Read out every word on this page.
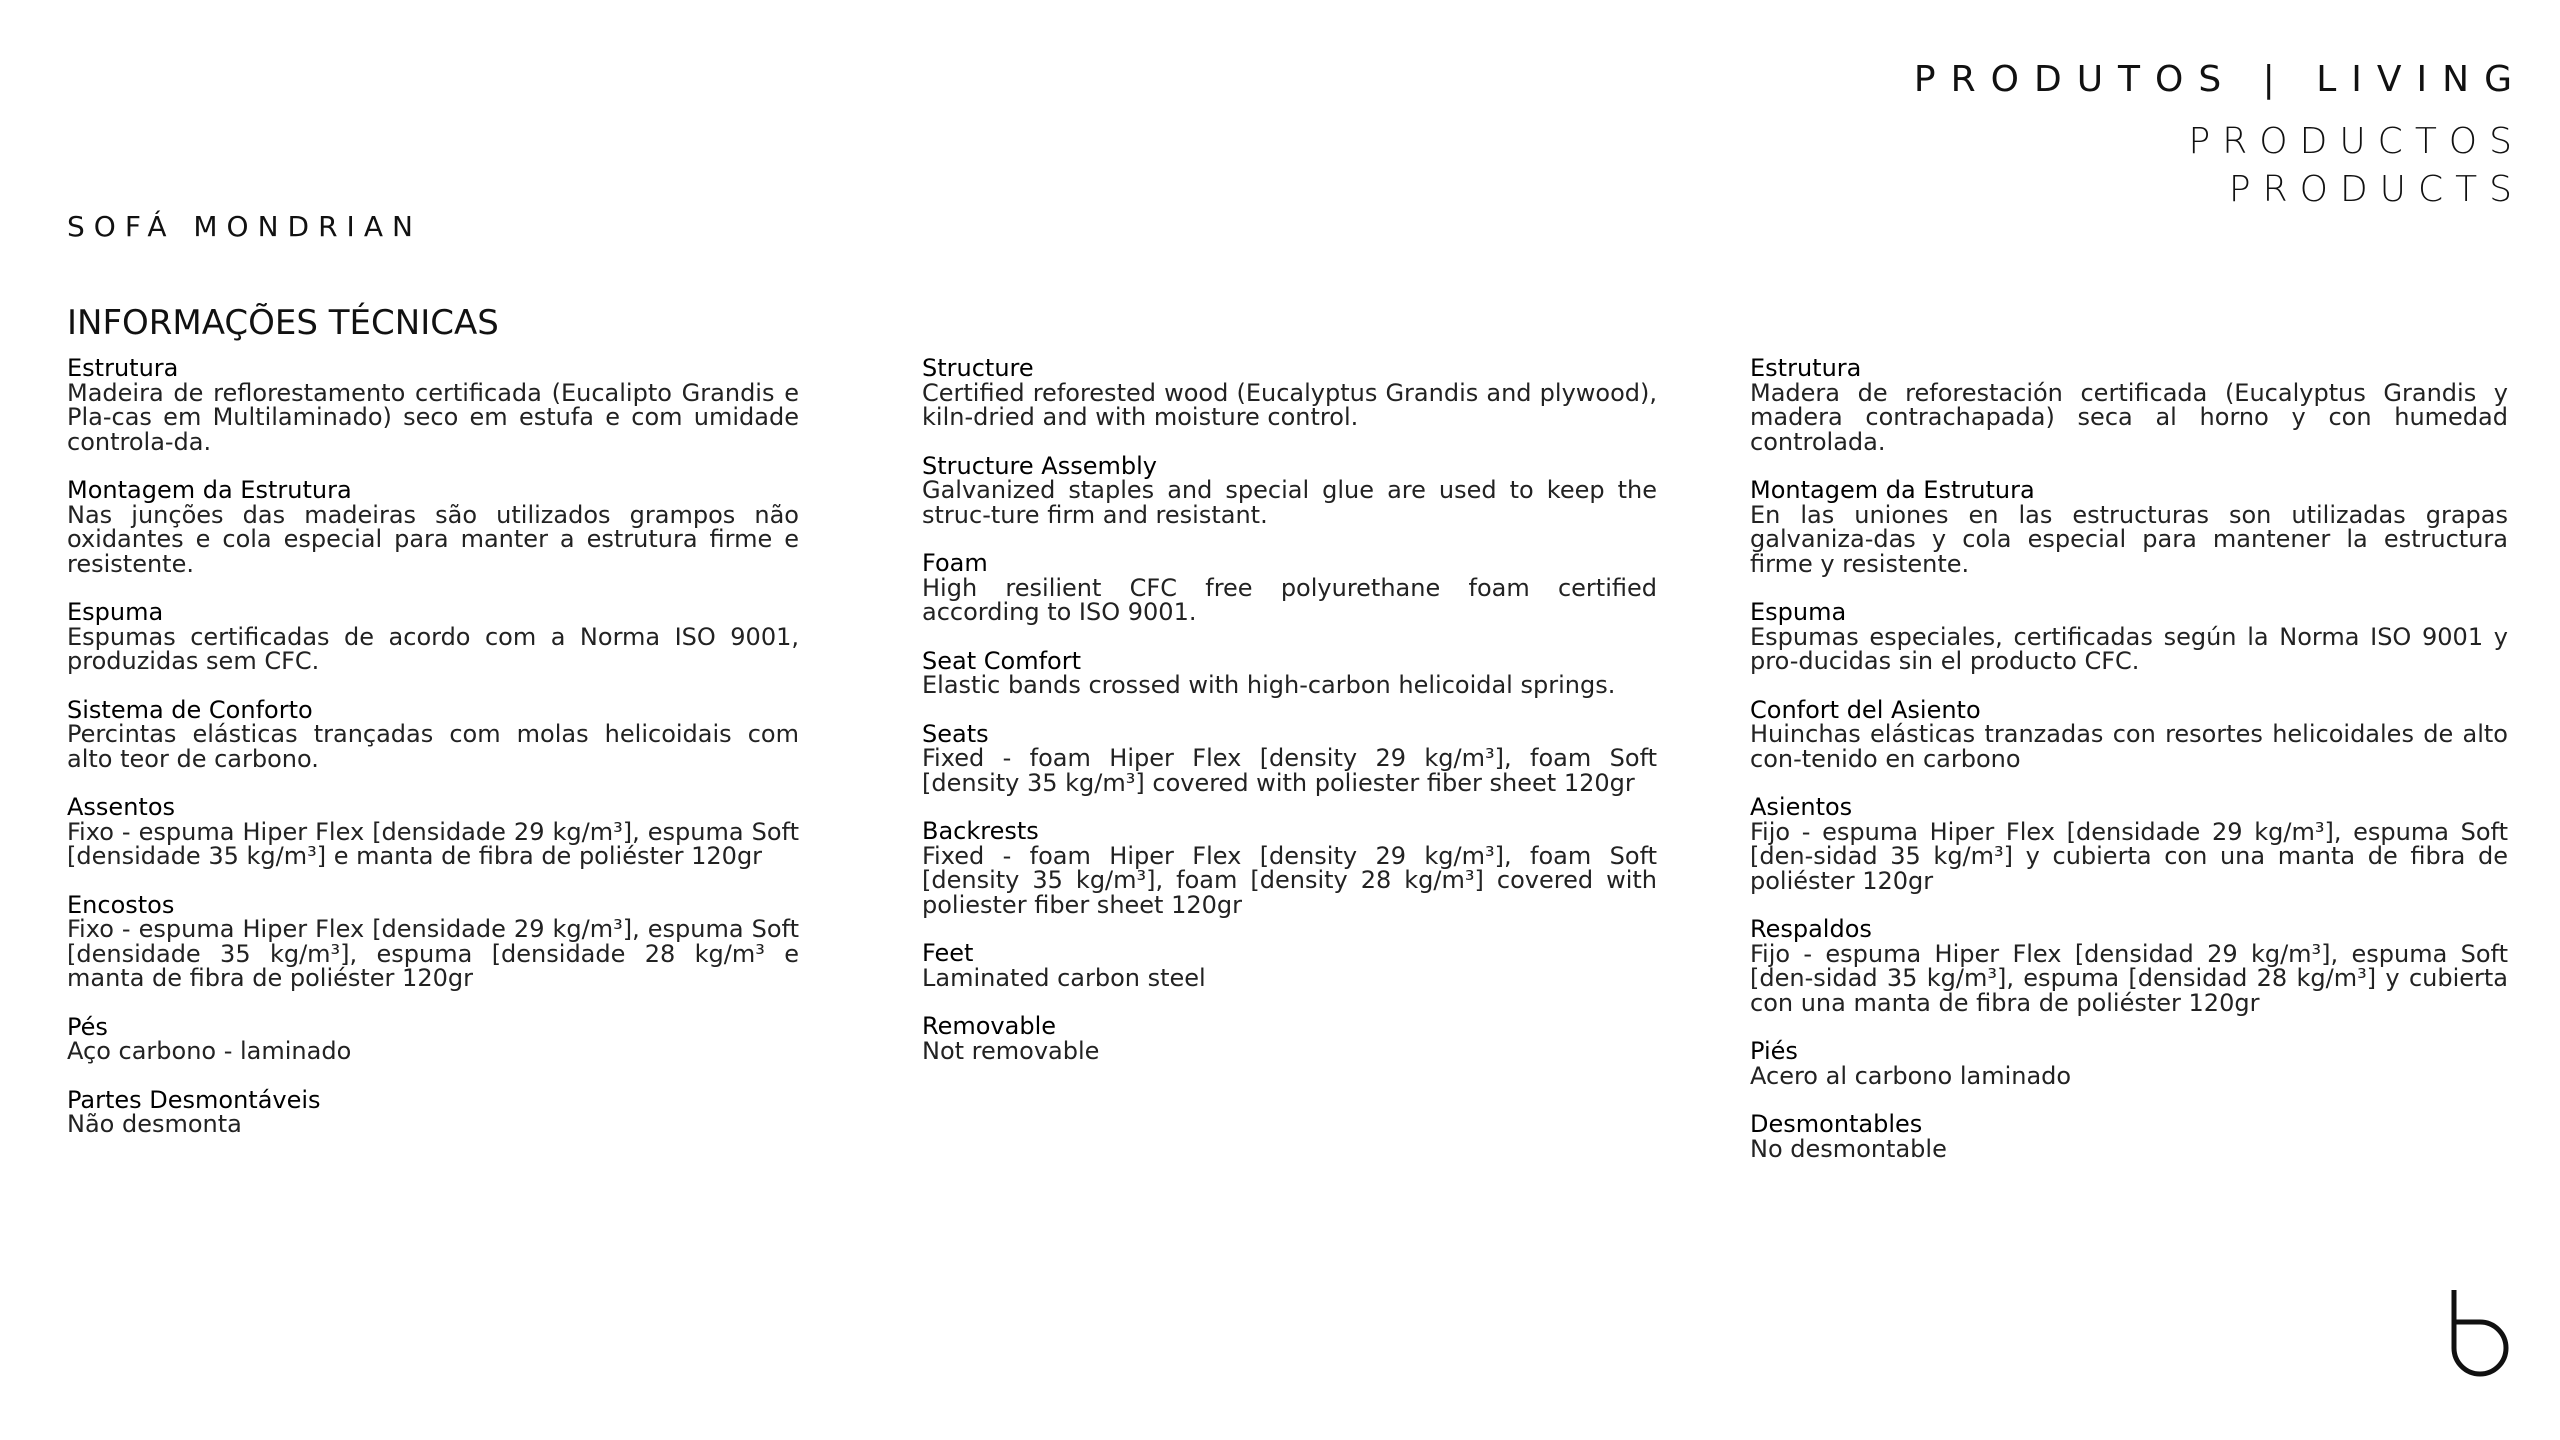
PRODUTOS | LIVING
PRODUCTOS
PRODUCTS
SOFÁ MONDRIAN
INFORMAÇÕES TÉCNICAS
Estrutura
Madeira de reflorestamento certificada (Eucalipto Grandis e Pla-cas em Multilaminado) seco em estufa e com umidade controla-da.
Montagem da Estrutura
Nas junções das madeiras são utilizados grampos não oxidantes e cola especial para manter a estrutura firme e resistente.
Espuma
Espumas certificadas de acordo com a Norma ISO 9001, produzidas sem CFC.
Sistema de Conforto
Percintas elásticas trançadas com molas helicoidais com alto teor de carbono.
Assentos
Fixo - espuma Hiper Flex [densidade 29 kg/m³], espuma Soft [densidade 35 kg/m³] e manta de fibra de poliéster 120gr
Encostos
Fixo - espuma Hiper Flex [densidade 29 kg/m³], espuma Soft [densidade 35 kg/m³], espuma [densidade 28 kg/m³ e manta de fibra de poliéster 120gr
Pés
Aço carbono - laminado
Partes Desmontáveis
Não desmonta
Structure
Certified reforested wood (Eucalyptus Grandis and plywood), kiln-dried and with moisture control.
Structure Assembly
Galvanized staples and special glue are used to keep the struc-ture firm and resistant.
Foam
High resilient CFC free polyurethane foam certified according to ISO 9001.
Seat Comfort
Elastic bands crossed with high-carbon helicoidal springs.
Seats
Fixed - foam Hiper Flex [density 29 kg/m³], foam Soft [density 35 kg/m³] covered with poliester fiber sheet 120gr
Backrests
Fixed - foam Hiper Flex [density 29 kg/m³], foam Soft [density 35 kg/m³], foam [density 28 kg/m³] covered with poliester fiber sheet 120gr
Feet
Laminated carbon steel
Removable
Not removable
Estrutura
Madera de reforestación certificada (Eucalyptus Grandis y madera contrachapada) seca al horno y con humedad controlada.
Montagem da Estrutura
En las uniones en las estructuras son utilizadas grapas galvaniza-das y cola especial para mantener la estructura firme y resistente.
Espuma
Espumas especiales, certificadas según la Norma ISO 9001 y pro-ducidas sin el producto CFC.
Confort del Asiento
Huinchas elásticas tranzadas con resortes helicoidales de alto con-tenido en carbono
Asientos
Fijo - espuma Hiper Flex [densidade 29 kg/m³], espuma Soft [den-sidad 35 kg/m³] y cubierta con una manta de fibra de poliéster 120gr
Respaldos
Fijo - espuma Hiper Flex [densidad 29 kg/m³], espuma Soft [den-sidad 35 kg/m³], espuma [densidad 28 kg/m³] y cubierta con una manta de fibra de poliéster 120gr
Piés
Acero al carbono laminado
Desmontables
No desmontable
